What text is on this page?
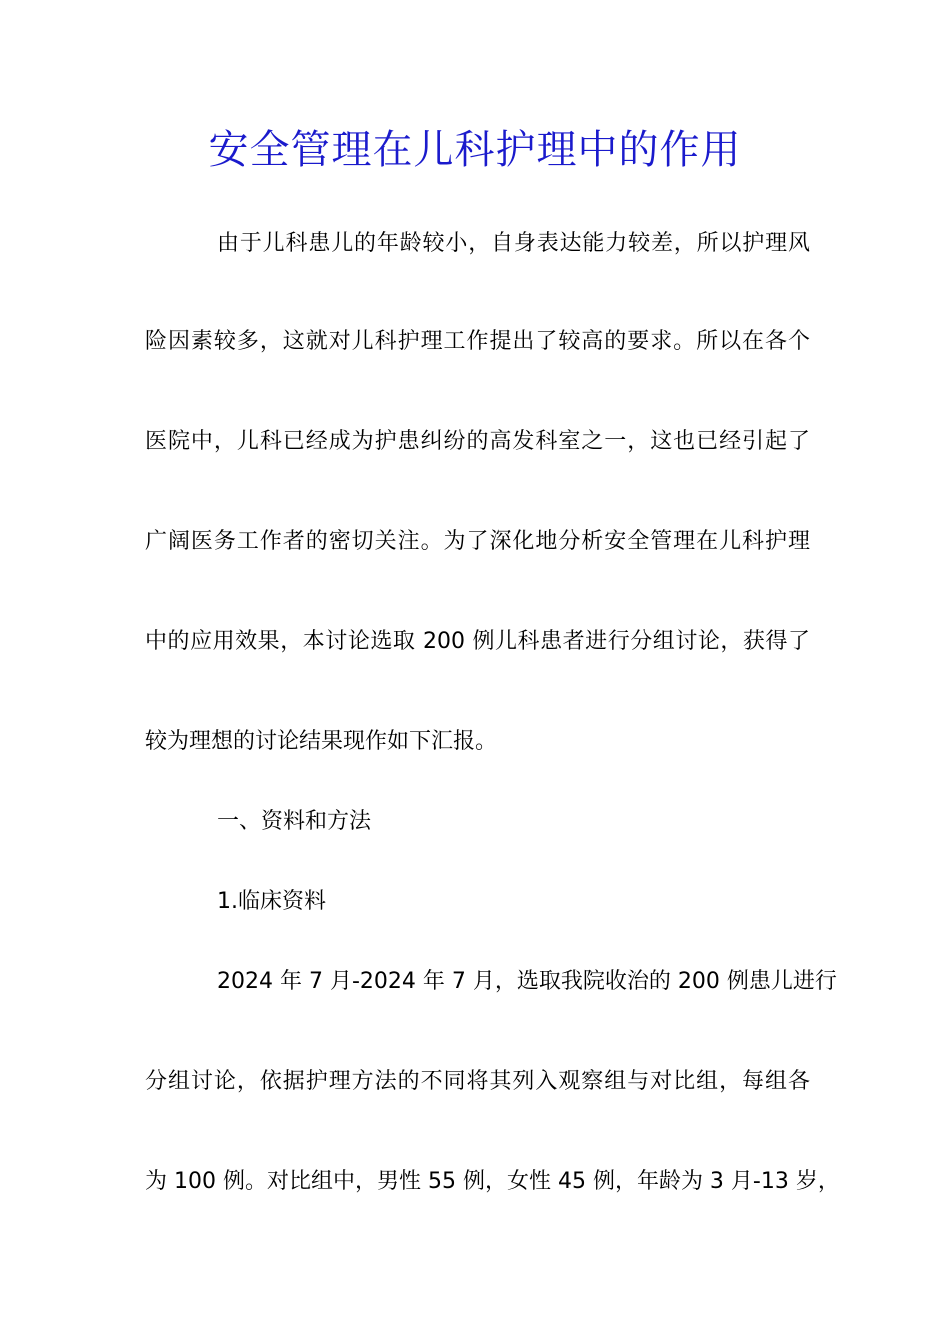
安全管理在儿科护理中的作用
由于儿科患儿的年龄较小，自身表达能力较差，所以护理风
险因素较多，这就对儿科护理工作提出了较高的要求。所以在各个
医院中，儿科已经成为护患纠纷的高发科室之一，这也已经引起了
广阔医务工作者的密切关注。为了深化地分析安全管理在儿科护理
中的应用效果，本讨论选取 200 例儿科患者进行分组讨论，获得了
较为理想的讨论结果现作如下汇报。
一、资料和方法
1.临床资料
2024 年 7 月-2024 年 7 月，选取我院收治的 200 例患儿进行
分组讨论，依据护理方法的不同将其列入观察组与对比组，每组各
为 100 例。对比组中，男性 55 例，女性 45 例，年龄为 3 月-13 岁，
